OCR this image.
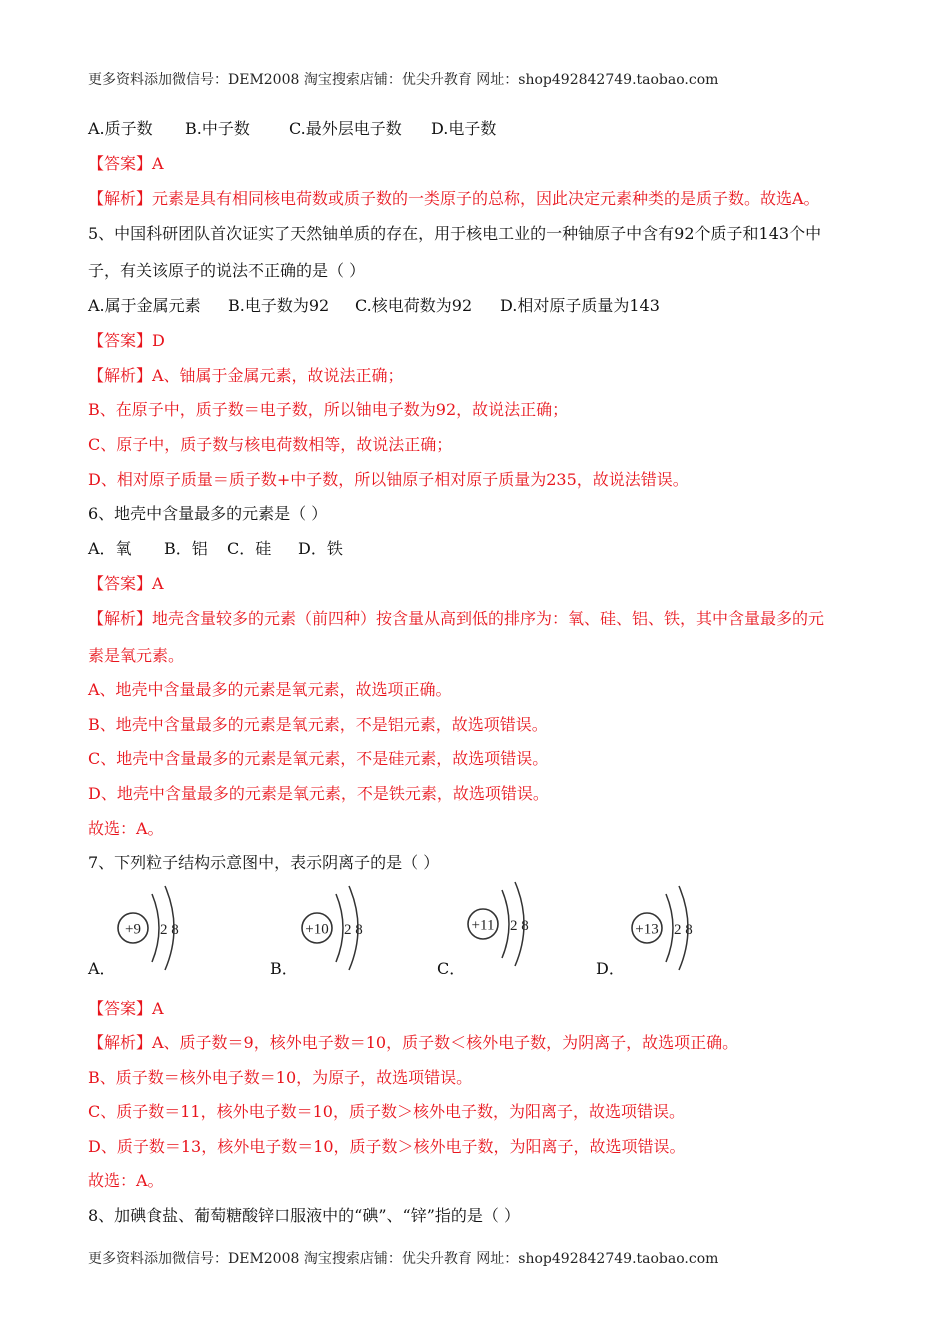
更多资料添加微信号：DEM2008 淘宝搜索店铺：优尖升教育 网址：shop492842749.taobao.com
A.质子数 B.中子数 C.最外层电子数 D.电子数
【答案】A
【解析】元素是具有相同核电荷数或质子数的一类原子的总称，因此决定元素种类的是质子数。故选A。
5、中国科研团队首次证实了天然铀单质的存在，用于核电工业的一种铀原子中含有92个质子和143个中
子，有关该原子的说法不正确的是（ ）
A.属于金属元素 B.电子数为92 C.核电荷数为92 D.相对原子质量为143
【答案】D
【解析】A、铀属于金属元素，故说法正确；
B、在原子中，质子数＝电子数，所以铀电子数为92，故说法正确；
C、原子中，质子数与核电荷数相等，故说法正确；
D、相对原子质量＝质子数+中子数，所以铀原子相对原子质量为235，故说法错误。
6、地壳中含量最多的元素是（ ）
A．氧 B．铝 C．硅 D．铁
【答案】A
【解析】地壳含量较多的元素（前四种）按含量从高到低的排序为：氧、硅、铝、铁，其中含量最多的元
素是氧元素。
A、地壳中含量最多的元素是氧元素，故选项正确。
B、地壳中含量最多的元素是氧元素，不是铝元素，故选项错误。
C、地壳中含量最多的元素是氧元素，不是硅元素，故选项错误。
D、地壳中含量最多的元素是氧元素，不是铁元素，故选项错误。
故选：A。
7、下列粒子结构示意图中，表示阴离子的是（ ）
+9 2 8
A．
+10 2 8
B．
+11 2 8
C．
+13 2 8
D．
【答案】A
【解析】A、质子数＝9，核外电子数＝10，质子数＜核外电子数，为阴离子，故选项正确。
B、质子数＝核外电子数＝10，为原子，故选项错误。
C、质子数＝11，核外电子数＝10，质子数＞核外电子数，为阳离子，故选项错误。
D、质子数＝13，核外电子数＝10，质子数＞核外电子数，为阳离子，故选项错误。
故选：A。
8、加碘食盐、葡萄糖酸锌口服液中的“碘”、“锌”指的是（ ）
更多资料添加微信号：DEM2008 淘宝搜索店铺：优尖升教育 网址：shop492842749.taobao.com
